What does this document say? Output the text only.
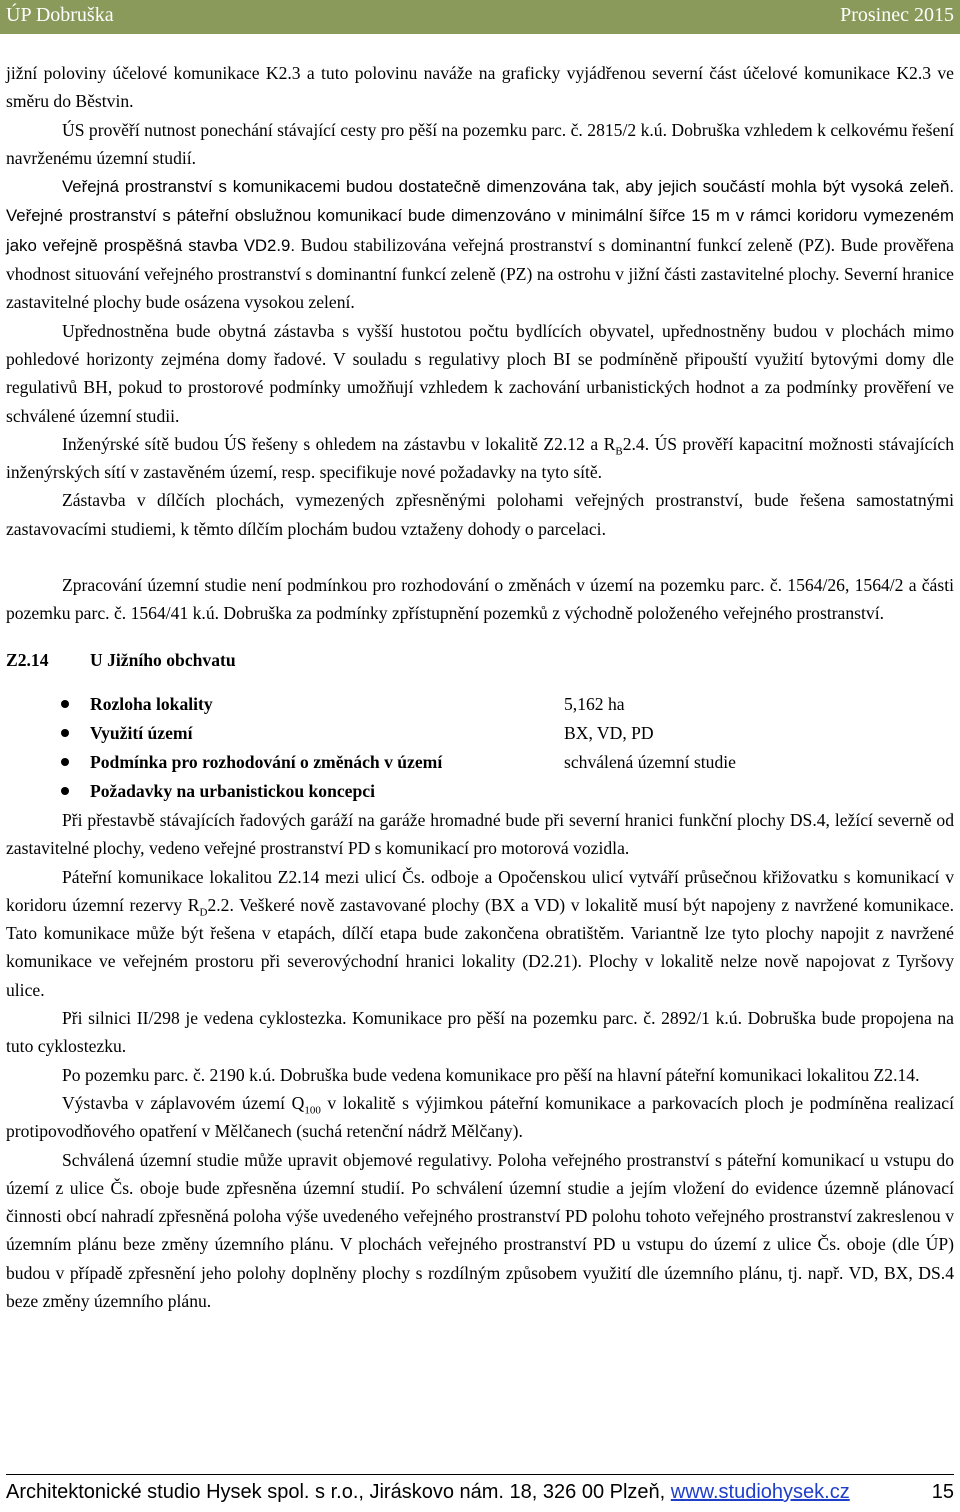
ÚP Dobruška	Prosinec 2015

jižní poloviny účelové komunikace K2.3 a tuto polovinu naváže na graficky vyjádřenou severní část účelové komunikace K2.3 ve směru do Běstvin.

ÚS prověří nutnost ponechání stávající cesty pro pěší na pozemku parc. č. 2815/2 k.ú. Dobruška vzhledem k celkovému řešení navrženému územní studií.

Veřejná prostranství s komunikacemi budou dostatečně dimenzována tak, aby jejich součástí mohla být vysoká zeleň. Veřejné prostranství s páteřní obslužnou komunikací bude dimenzováno v minimální šířce 15 m v rámci koridoru vymezeném jako veřejně prospěšná stavba VD2.9. Budou stabilizována veřejná prostranství s dominantní funkcí zeleně (PZ). Bude prověřena vhodnost situování veřejného prostranství s dominantní funkcí zeleně (PZ) na ostrohu v jižní části zastavitelné plochy. Severní hranice zastavitelné plochy bude osázena vysokou zelení.

Upřednostněna bude obytná zástavba s vyšší hustotou počtu bydlících obyvatel, upřednostněny budou v plochách mimo pohledové horizonty zejména domy řadové. V souladu s regulativy ploch BI se podmíněně připouští využití bytovými domy dle regulativů BH, pokud to prostorové podmínky umožňují vzhledem k zachování urbanistických hodnot a za podmínky prověření ve schválené územní studii.

Inženýrské sítě budou ÚS řešeny s ohledem na zástavbu v lokalitě Z2.12 a $R_B2.4$. ÚS prověří kapacitní možnosti stávajících inženýrských sítí v zastavěném území, resp. specifikuje nové požadavky na tyto sítě.

Zástavba v dílčích plochách, vymezených zpřesněnými polohami veřejných prostranství, bude řešena samostatnými zastavovacími studiemi, k těmto dílčím plochám budou vztaženy dohody o parcelaci.

Zpracování územní studie není podmínkou pro rozhodování o změnách v území na pozemku parc. č. 1564/26, 1564/2 a části pozemku parc. č. 1564/41 k.ú. Dobruška za podmínky zpřístupnění pozemků z východně položeného veřejného prostranství.

Z2.14	U Jižního obchvatu
Rozloha lokality	5,162 ha
Využití území	BX, VD, PD
Podmínka pro rozhodování o změnách v území	schválená územní studie
Požadavky na urbanistickou koncepci

Při přestavbě stávajících řadových garáží na garáže hromadné bude při severní hranici funkční plochy DS.4, ležící severně od zastavitelné plochy, vedeno veřejné prostranství PD s komunikací pro motorová vozidla.

Páteřní komunikace lokalitou Z2.14 mezi ulicí Čs. odboje a Opočenskou ulicí vytváří průsečnou křižovatku s komunikací v koridoru územní rezervy $R_D2.2$. Veškeré nově zastavované plochy (BX a VD) v lokalitě musí být napojeny z navržené komunikace. Tato komunikace může být řešena v etapách, dílčí etapa bude zakončena obratištěm. Variantně lze tyto plochy napojit z navržené komunikace ve veřejném prostoru při severovýchodní hranici lokality (D2.21). Plochy v lokalitě nelze nově napojovat z Tyršovy ulice.

Při silnici II/298 je vedena cyklostezka. Komunikace pro pěší na pozemku parc. č. 2892/1 k.ú. Dobruška bude propojena na tuto cyklostezku.

Po pozemku parc. č. 2190 k.ú. Dobruška bude vedena komunikace pro pěší na hlavní páteřní komunikaci lokalitou Z2.14.

Výstavba v záplavovém území $Q_{100}$ v lokalitě s výjimkou páteřní komunikace a parkovacích ploch je podmíněna realizací protipovodňového opatření v Mělčanech (suchá retenční nádrž Mělčany).

Schválená územní studie může upravit objemové regulativy. Poloha veřejného prostranství s páteřní komunikací u vstupu do území z ulice Čs. oboje bude zpřesněna územní studií. Po schválení územní studie a jejím vložení do evidence územně plánovací činnosti obcí nahradí zpřesněná poloha výše uvedeného veřejného prostranství PD polohu tohoto veřejného prostranství zakreslenou v územním plánu beze změny územního plánu. V plochách veřejného prostranství PD u vstupu do území z ulice Čs. oboje (dle ÚP) budou v případě zpřesnění jeho polohy doplněny plochy s rozdílným způsobem využití dle územního plánu, tj. např. VD, BX, DS.4 beze změny územního plánu.

Architektonické studio Hysek spol. s r.o., Jiráskovo nám. 18, 326 00 Plzeň, www.studiohysek.cz	15
